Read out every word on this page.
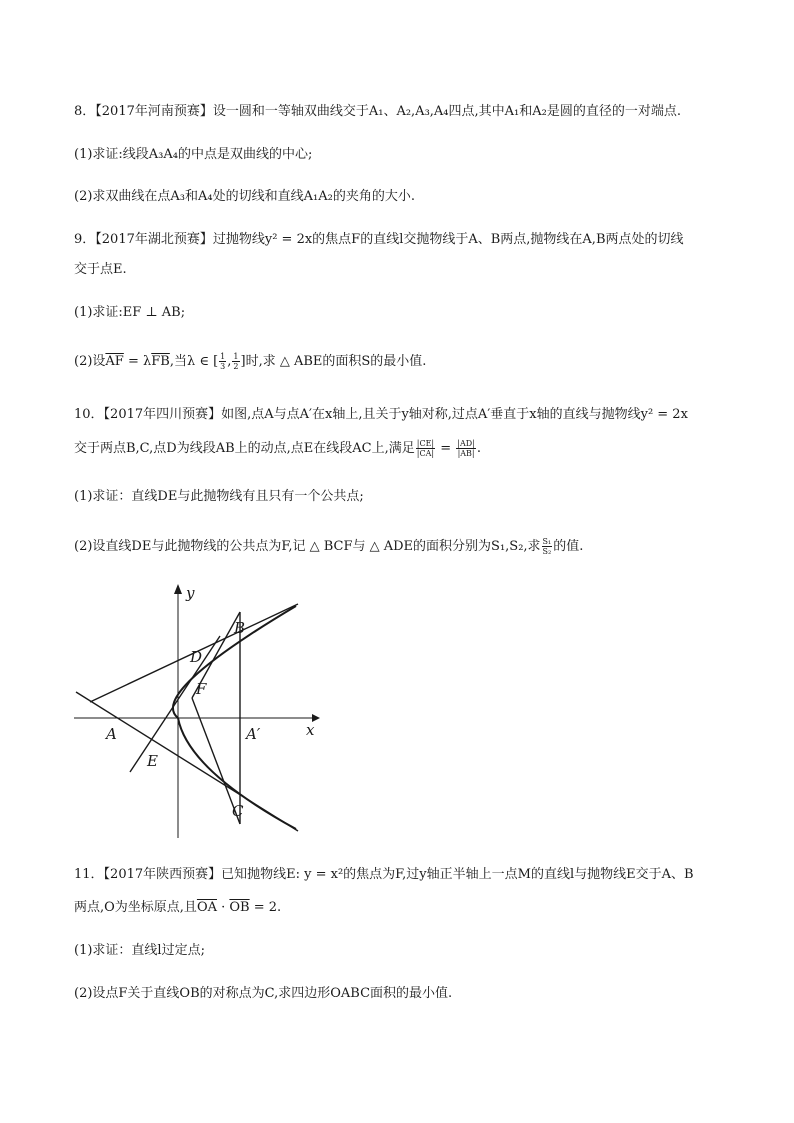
8．【2017年河南预赛】设一圆和一等轴双曲线交于A₁、A₂,A₃,A₄四点,其中A₁和A₂是圆的直径的一对端点.
(1)求证:线段A₃A₄的中点是双曲线的中心;
(2)求双曲线在点A₃和A₄处的切线和直线A₁A₂的夹角的大小.
9．【2017年湖北预赛】过抛物线y² = 2x的焦点F的直线l交抛物线于A、B两点,抛物线在A,B两点处的切线
交于点E.
(1)求证:EF ⊥ AB;
(2)设$\overline{AF} = \lambda\overline{FB}$,当λ ∈ [ $\frac{1}{3}$ , $\frac{1}{2}$ ]时,求 △ ABE的面积S的最小值.
10．【2017年四川预赛】如图,点A与点A′在x轴上,且关于y轴对称,过点A′垂直于x轴的直线与抛物线y² = 2x
交于两点B,C,点D为线段AB上的动点,点E在线段AC上,满足 $\frac{|CE|}{|CA|} = \frac{|AD|}{|AB|}$ .
(1)求证：直线DE与此抛物线有且只有一个公共点;
(2)设直线DE与此抛物线的公共点为F,记 △ BCF与 △ ADE的面积分别为S₁,S₂,求 $\frac{\text{S₁}}{\text{S₂}}$ 的值.
y
x
A	A′
B
C
D
E
F
11．【2017年陕西预赛】已知抛物线E: y = x²的焦点为F,过y轴正半轴上一点M的直线l与抛物线E交于A、B
两点,O为坐标原点,且$\overline{OA} \cdot \overline{OB} = 2$.
(1)求证：直线l过定点;
(2)设点F关于直线OB的对称点为C,求四边形OABC面积的最小值.
